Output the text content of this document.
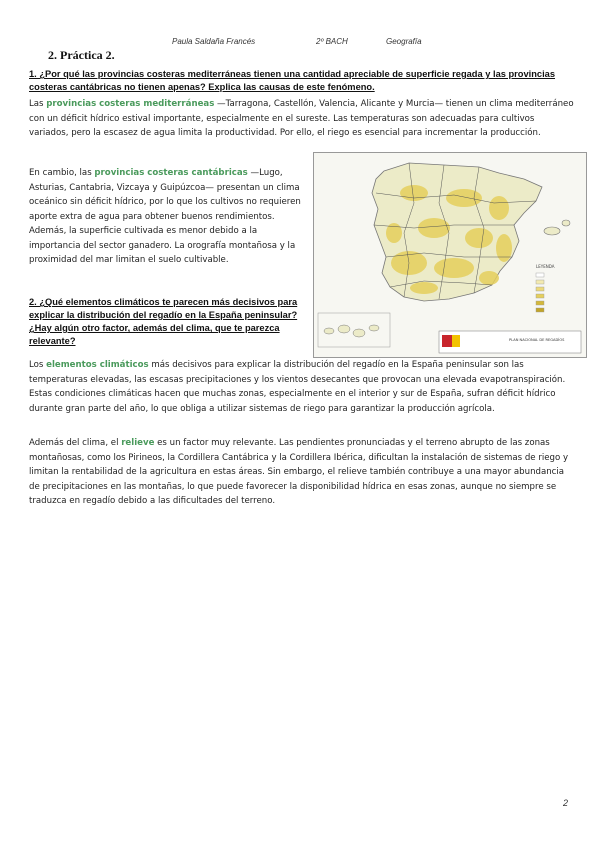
Paula Saldaña Francés	2º BACH	Geografía
2. Práctica 2.

1. ¿Por qué las provincias costeras mediterráneas tienen una cantidad apreciable de superficie regada y las provincias costeras cantábricas no tienen apenas? Explica las causas de este fenómeno.

Las provincias costeras mediterráneas —Tarragona, Castellón, Valencia, Alicante y Murcia— tienen un clima mediterráneo con un déficit hídrico estival importante, especialmente en el sureste. Las temperaturas son adecuadas para cultivos variados, pero la escasez de agua limita la productividad. Por ello, el riego es esencial para incrementar la producción.

En cambio, las provincias costeras cantábricas —Lugo, Asturias, Cantabria, Vizcaya y Guipúzcoa— presentan un clima oceánico sin déficit hídrico, por lo que los cultivos no requieren aporte extra de agua para obtener buenos rendimientos. Además, la superficie cultivada es menor debido a la importancia del sector ganadero. La orografía montañosa y la proximidad del mar limitan el suelo cultivable.

LEYENDA
PLAN NACIONAL DE REGADÍOS

2. ¿Qué elementos climáticos te parecen más decisivos para explicar la distribución del regadío en la España peninsular? ¿Hay algún otro factor, además del clima, que te parezca relevante?

Los elementos climáticos más decisivos para explicar la distribución del regadío en la España peninsular son las temperaturas elevadas, las escasas precipitaciones y los vientos desecantes que provocan una elevada evapotranspiración. Estas condiciones climáticas hacen que muchas zonas, especialmente en el interior y sur de España, sufran déficit hídrico durante gran parte del año, lo que obliga a utilizar sistemas de riego para garantizar la producción agrícola.

Además del clima, el relieve es un factor muy relevante. Las pendientes pronunciadas y el terreno abrupto de las zonas montañosas, como los Pirineos, la Cordillera Cantábrica y la Cordillera Ibérica, dificultan la instalación de sistemas de riego y limitan la rentabilidad de la agricultura en estas áreas. Sin embargo, el relieve también contribuye a una mayor abundancia de precipitaciones en las montañas, lo que puede favorecer la disponibilidad hídrica en esas zonas, aunque no siempre se traduzca en regadío debido a las dificultades del terreno.

2
